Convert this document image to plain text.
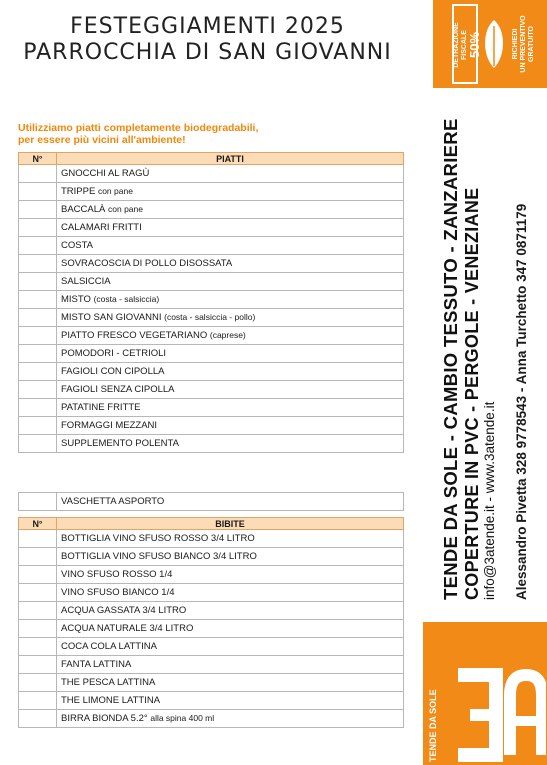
FESTEGGIAMENTI 2025
PARROCCHIA DI SAN GIOVANNI
Utilizziamo piatti completamente biodegradabili,
per essere più vicini all'ambiente!
N°	PIATTI
	GNOCCHI AL RAGÙ
	TRIPPE con pane
	BACCALÀ con pane
	CALAMARI FRITTI
	COSTA
	SOVRACOSCIA DI POLLO DISOSSATA
	SALSICCIA
	MISTO (costa - salsiccia)
	MISTO SAN GIOVANNI (costa - salsiccia - pollo)
	PIATTO FRESCO VEGETARIANO (caprese)
	POMODORI - CETRIOLI
	FAGIOLI CON CIPOLLA
	FAGIOLI SENZA CIPOLLA
	PATATINE FRITTE
	FORMAGGI MEZZANI
	SUPPLEMENTO POLENTA
	VASCHETTA ASPORTO
N°	BIBITE
	BOTTIGLIA VINO SFUSO ROSSO 3/4 LITRO
	BOTTIGLIA VINO SFUSO BIANCO 3/4 LITRO
	VINO SFUSO ROSSO 1/4
	VINO SFUSO BIANCO 1/4
	ACQUA GASSATA 3/4 LITRO
	ACQUA NATURALE 3/4 LITRO
	COCA COLA LATTINA
	FANTA LATTINA
	THE PESCA LATTINA
	THE LIMONE LATTINA
	BIRRA BIONDA 5.2° alla spina 400 ml
ECOBONUS	DETRAZIONE
FISCALE 50%	RICHIEDI
UN PREVENTIVO
GRATUITO
TENDE DA SOLE - CAMBIO TESSUTO - ZANZARIERE COPERTURE IN PVC - PERGOLE - VENEZIANE info@3atende.it - www.3atende.it Alessandro Pivetta 328 9778543 - Anna Turchetto 347 0871179
TENDE DA SOLE
